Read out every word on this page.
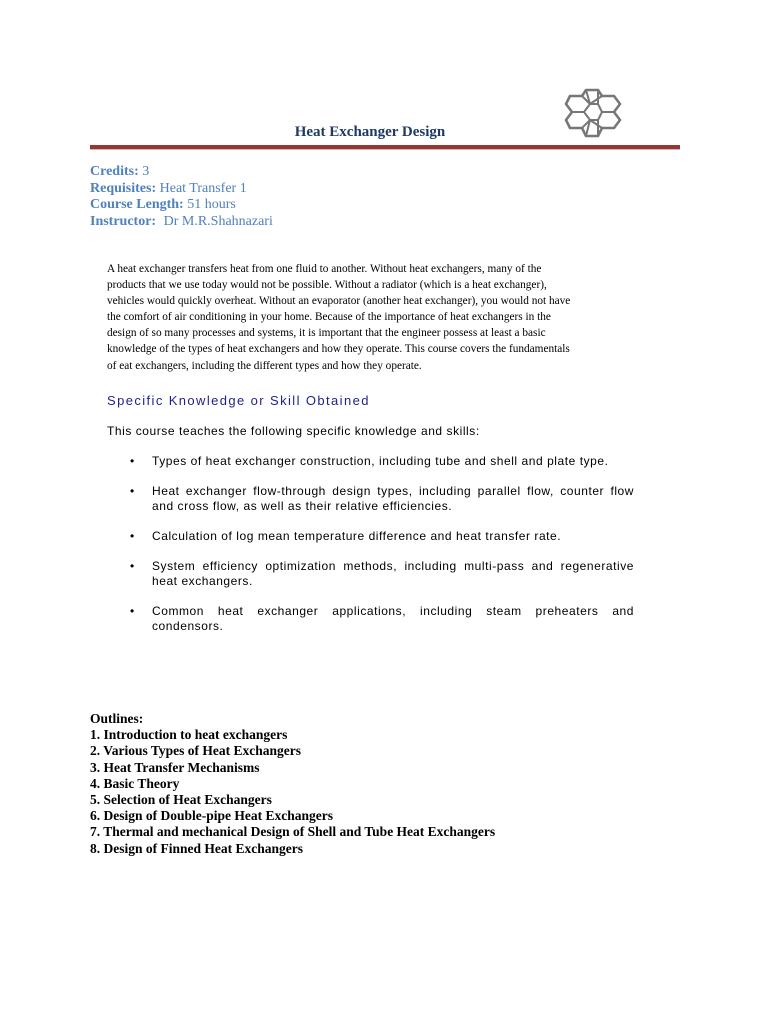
Heat Exchanger Design
Credits: 3
Requisites: Heat Transfer 1
Course Length: 51 hours
Instructor: Dr M.R.Shahnazari
A heat exchanger transfers heat from one fluid to another. Without heat exchangers, many of the
products that we use today would not be possible. Without a radiator (which is a heat exchanger),
vehicles would quickly overheat. Without an evaporator (another heat exchanger), you would not have
the comfort of air conditioning in your home. Because of the importance of heat exchangers in the
design of so many processes and systems, it is important that the engineer possess at least a basic
knowledge of the types of heat exchangers and how they operate. This course covers the fundamentals
of eat exchangers, including the different types and how they operate.
Specific Knowledge or Skill Obtained
This course teaches the following specific knowledge and skills:
• Types of heat exchanger construction, including tube and shell and plate type.
• Heat exchanger flow-through design types, including parallel flow, counter flow and cross flow, as well as their relative efficiencies.
• Calculation of log mean temperature difference and heat transfer rate.
• System efficiency optimization methods, including multi-pass and regenerative heat exchangers.
• Common heat exchanger applications, including steam preheaters and condensors.
Outlines:
1. Introduction to heat exchangers
2. Various Types of Heat Exchangers
3. Heat Transfer Mechanisms
4. Basic Theory
5. Selection of Heat Exchangers
6. Design of Double-pipe Heat Exchangers
7. Thermal and mechanical Design of Shell and Tube Heat Exchangers
8. Design of Finned Heat Exchangers
